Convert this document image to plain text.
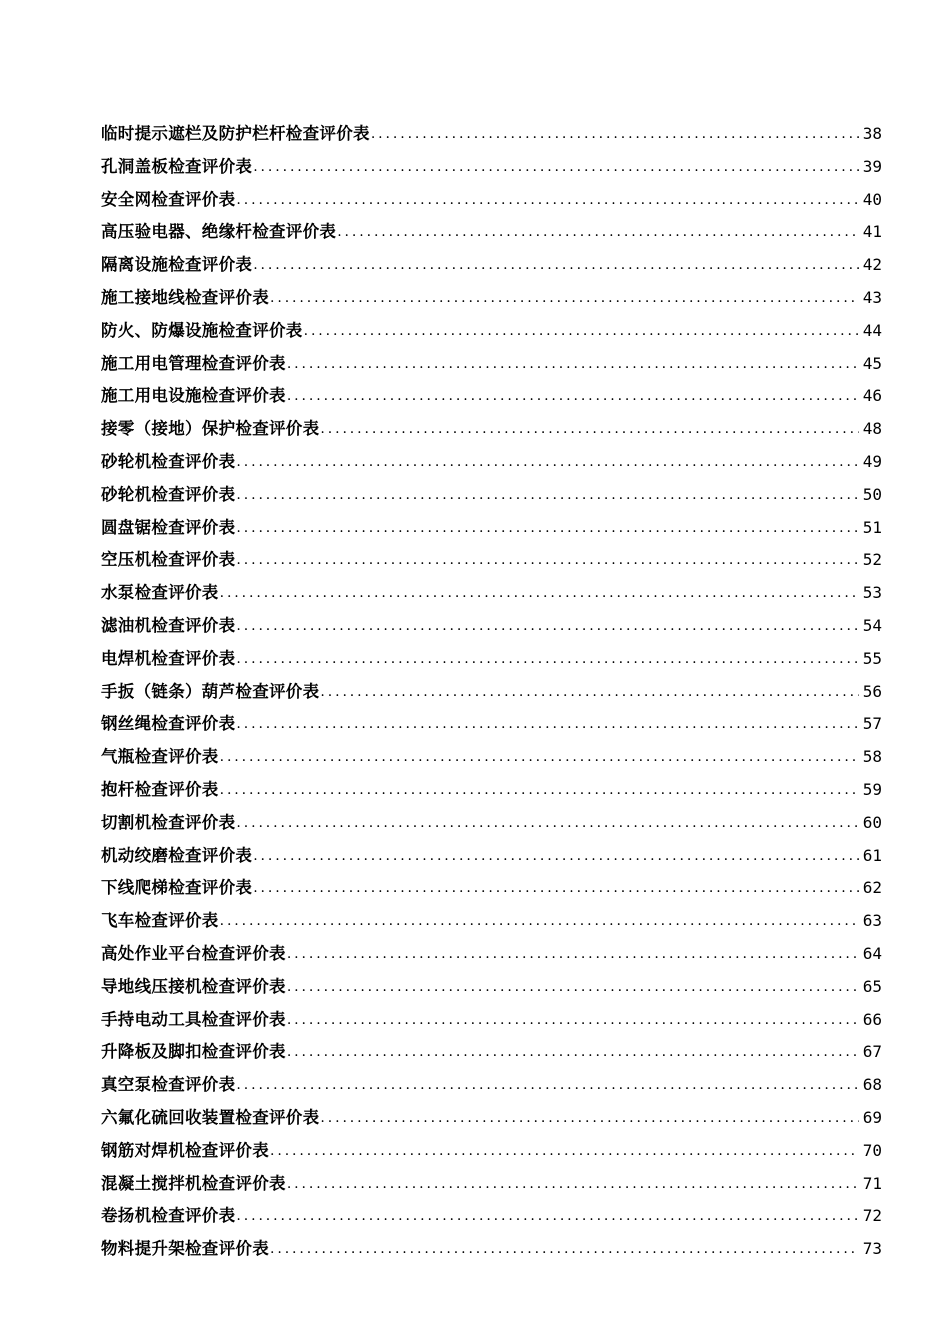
临时提示遮栏及防护栏杆检查评价表 .....	38
孔洞盖板检查评价表 .....	39
安全网检查评价表 .....	40
高压验电器、绝缘杆检查评价表 .....	41
隔离设施检查评价表 .....	42
施工接地线检查评价表 .....	43
防火、防爆设施检查评价表 .....	44
施工用电管理检查评价表 .....	45
施工用电设施检查评价表 .....	46
接零（接地）保护检查评价表 .....	48
砂轮机检查评价表 .....	49
砂轮机检查评价表 .....	50
圆盘锯检查评价表 .....	51
空压机检查评价表 .....	52
水泵检查评价表 .....	53
滤油机检查评价表 .....	54
电焊机检查评价表 .....	55
手扳（链条）葫芦检查评价表 .....	56
钢丝绳检查评价表 .....	57
气瓶检查评价表 .....	58
抱杆检查评价表 .....	59
切割机检查评价表 .....	60
机动绞磨检查评价表 .....	61
下线爬梯检查评价表 .....	62
飞车检查评价表 .....	63
高处作业平台检查评价表 .....	64
导地线压接机检查评价表 .....	65
手持电动工具检查评价表 .....	66
升降板及脚扣检查评价表 .....	67
真空泵检查评价表 .....	68
六氟化硫回收装置检查评价表 .....	69
钢筋对焊机检查评价表 .....	70
混凝土搅拌机检查评价表 .....	71
卷扬机检查评价表 .....	72
物料提升架检查评价表 .....	73
